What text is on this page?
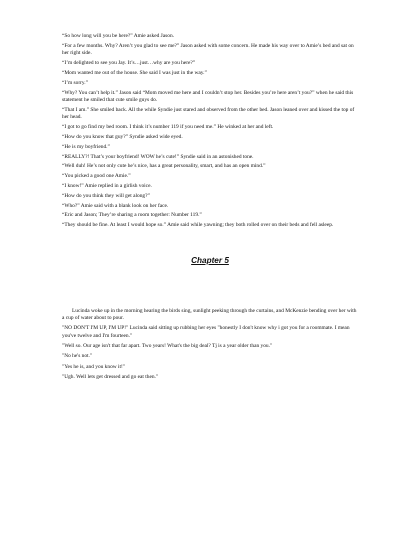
“So how long will you be here?” Amie asked Jason.

“For a few months. Why? Aren’t you glad to see me?” Jason asked with some concern. He made his way over to Amie’s bed and sat on her right side.

“I’m delighted to see you Jay. It’s…just…why are you here?”

“Mom wanted me out of the house. She said I was just in the way.”

“I’m sorry.”

“Why? You can’t help it.” Jason said “Mom moved me here and I couldn’t stop her. Besides you’re here aren’t you?” when he said this statement he smiled that cute smile guys do.

“That I am.” She smiled back. All the while Syndie just stared and observed from the other bed. Jason leaned over and kissed the top of her head.

“I got to go find my bed room. I think it’s number 119 if you need me.” He winked at her and left.

“How do you know that guy?” Syndie asked wide eyed.

“He is my boyfriend.”

“REALLY?! That’s your boyfriend! WOW he’s cute!” Syndie said in an astonished tone.

“Well duh! He’s not only cute he’s nice, has a great personality, smart, and has an open mind.”

“You picked a good one Amie.”

“I know!” Amie replied in a girlish voice.

“How do you think they will get along?”

“Who?” Amie said with a blank look on her face.

“Eric and Jason; They’re sharing a room together: Number 119.”

“They should be fine. At least I would hope so.” Amie said while yawning; they both rolled over on their beds and fell asleep.

Chapter 5

Lucinda woke up in the morning hearing the birds sing, sunlight peeking through the curtains, and McKenzie bending over her with a cup of water about to pour.

"NO DON'T I'M UP, I'M UP!" Lucinda said sitting up rubbing her eyes "honestly I don't know why i got you for a roommate. I mean you've twelve and I'm fourteen."

"Well so. Our age isn't that far apart. Two years! What's the big deal? Tj is a year older than you."

"No he's not."

"Yes he is, and you know it!"

"Ugh. Well lets get dressed and go eat then."
